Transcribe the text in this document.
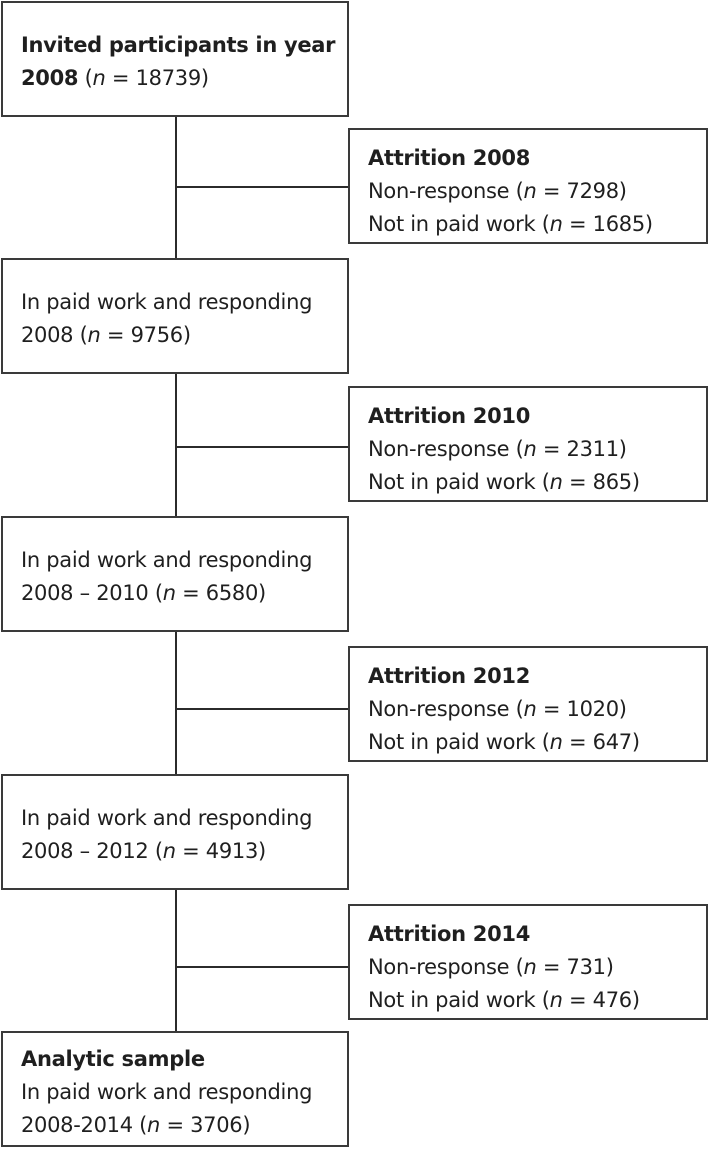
Invited participants in year
2008 (n = 18739)
Attrition 2008
Non-response (n = 7298)
Not in paid work (n = 1685)
In paid work and responding
2008 (n = 9756)
Attrition 2010
Non-response (n = 2311)
Not in paid work (n = 865)
In paid work and responding
2008 – 2010 (n = 6580)
Attrition 2012
Non-response (n = 1020)
Not in paid work (n = 647)
In paid work and responding
2008 – 2012 (n = 4913)
Attrition 2014
Non-response (n = 731)
Not in paid work (n = 476)
Analytic sample
In paid work and responding
2008-2014 (n = 3706)
